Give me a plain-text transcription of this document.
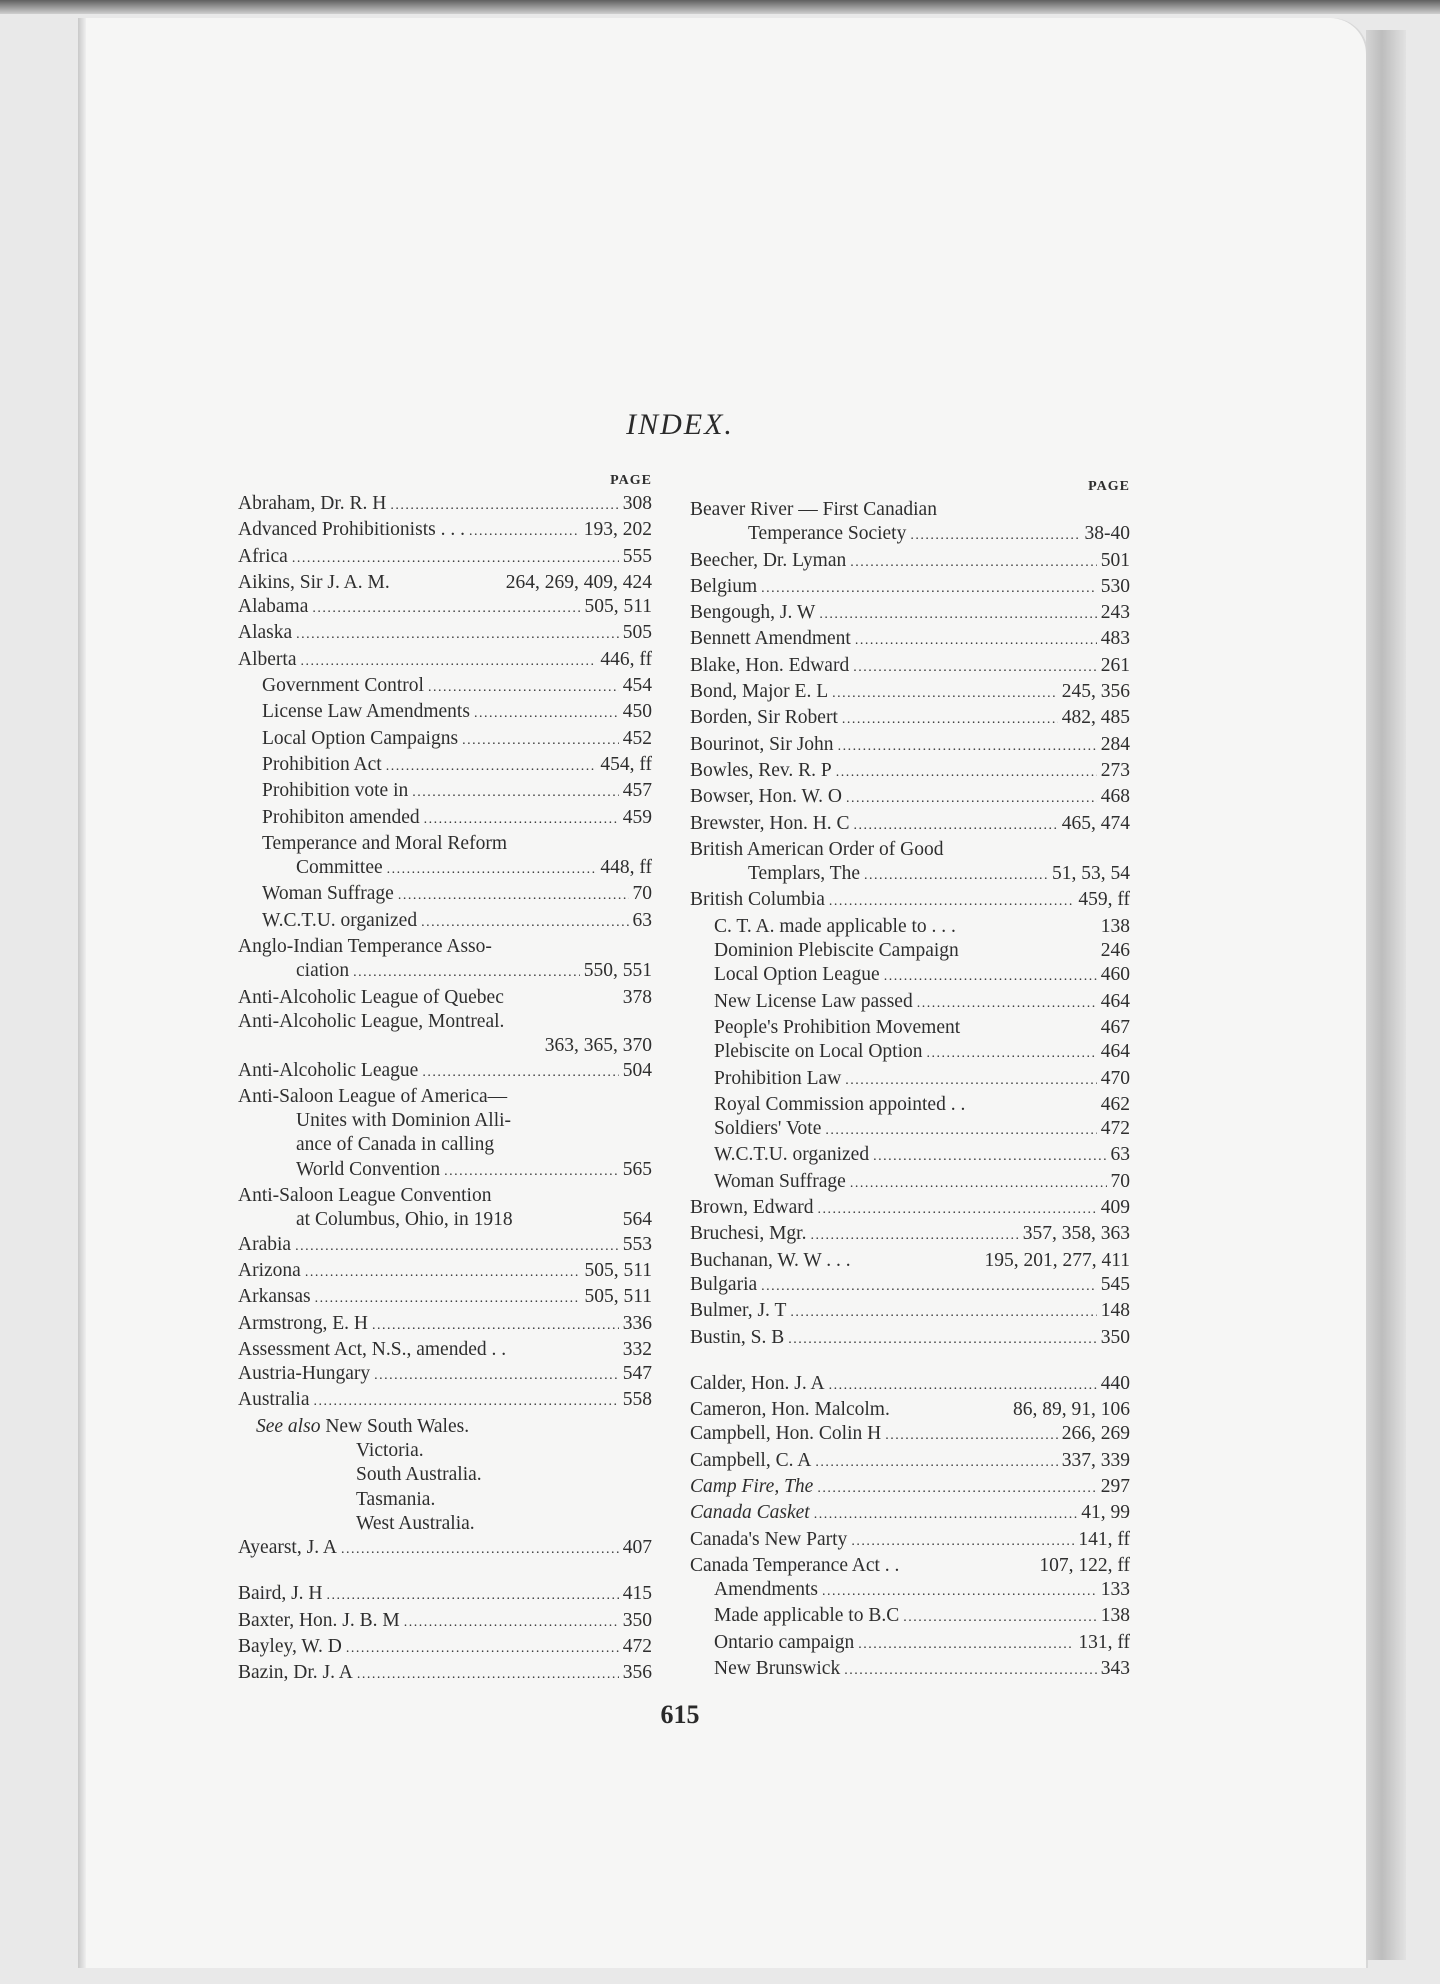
INDEX.
PAGE
Abraham, Dr. R. H . . .	308
Advanced Prohibitionists . . . . . .	193, 202
Africa . . .	555
Aikins, Sir J. A. M.	264, 269, 409, 424
Alabama . . .	505, 511
Alaska . . .	505
Alberta . . .	446, ff
Government Control . . .	454
License Law Amendments . . .	450
Local Option Campaigns . . .	452
Prohibition Act . . .	454, ff
Prohibition vote in . . .	457
Prohibiton amended . . .	459
Temperance and Moral Reform
Committee . . .	448, ff
Woman Suffrage . . .	70
W.C.T.U. organized . . .	63
Anglo-Indian Temperance Asso-
ciation . . .	550, 551
Anti-Alcoholic League of Quebec	378
Anti-Alcoholic League, Montreal.
363, 365, 370
Anti-Alcoholic League . . .	504
Anti-Saloon League of America—
Unites with Dominion Alli-
ance of Canada in calling
World Convention . . .	565
Anti-Saloon League Convention
at Columbus, Ohio, in 1918	564
Arabia . . .	553
Arizona . . .	505, 511
Arkansas . . .	505, 511
Armstrong, E. H . . .	336
Assessment Act, N.S., amended . .	332
Austria-Hungary . . .	547
Australia . . .	558
See also New South Wales.
Victoria.
South Australia.
Tasmania.
West Australia.
Ayearst, J. A . . .	407
Baird, J. H . . .	415
Baxter, Hon. J. B. M . . .	350
Bayley, W. D . . .	472
Bazin, Dr. J. A . . .	356
PAGE
Beaver River — First Canadian
Temperance Society . . .	38-40
Beecher, Dr. Lyman . . .	501
Belgium . . .	530
Bengough, J. W . . .	243
Bennett Amendment . . .	483
Blake, Hon. Edward . . .	261
Bond, Major E. L . . .	245, 356
Borden, Sir Robert . . .	482, 485
Bourinot, Sir John . . .	284
Bowles, Rev. R. P . . .	273
Bowser, Hon. W. O . . .	468
Brewster, Hon. H. C . . .	465, 474
British American Order of Good
Templars, The . . .	51, 53, 54
British Columbia . . .	459, ff
C. T. A. made applicable to . . .	138
Dominion Plebiscite Campaign	246
Local Option League . . .	460
New License Law passed . . .	464
People's Prohibition Movement	467
Plebiscite on Local Option . . .	464
Prohibition Law . . .	470
Royal Commission appointed . .	462
Soldiers' Vote . . .	472
W.C.T.U. organized . . .	63
Woman Suffrage . . .	70
Brown, Edward . . .	409
Bruchesi, Mgr. . . .	357, 358, 363
Buchanan, W. W . . .	195, 201, 277, 411
Bulgaria . . .	545
Bulmer, J. T . . .	148
Bustin, S. B . . .	350
Calder, Hon. J. A . . .	440
Cameron, Hon. Malcolm.	86, 89, 91, 106
Campbell, Hon. Colin H . . .	266, 269
Campbell, C. A . . .	337, 339
Camp Fire, The . . .	297
Canada Casket . . .	41, 99
Canada's New Party . . .	141, ff
Canada Temperance Act . .	107, 122, ff
Amendments . . .	133
Made applicable to B.C . . .	138
Ontario campaign . . .	131, ff
New Brunswick . . .	343
615
